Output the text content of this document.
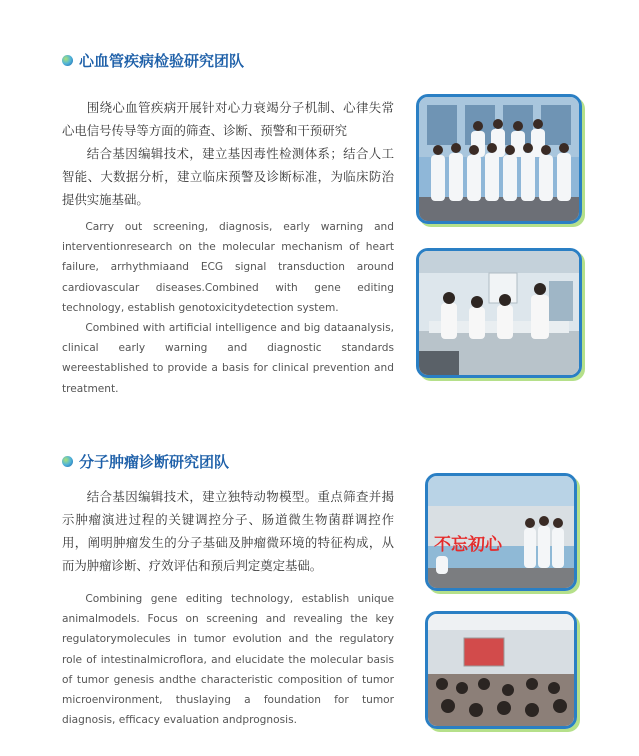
心血管疾病检验研究团队

围绕心血管疾病开展针对心力衰竭分子机制、心律失常心电信号传导等方面的筛查、诊断、预警和干预研究

结合基因编辑技术，建立基因毒性检测体系；结合人工智能、大数据分析，建立临床预警及诊断标准，为临床防治提供实施基础。

Carry out screening, diagnosis, early warning and interventionresearch on the molecular mechanism of heart failure, arrhythmiaand ECG signal transduction around cardiovascular diseases.Combined with gene editing technology, establish genotoxicitydetection system.

Combined with artificial intelligence and big dataanalysis, clinical early warning and diagnostic standards wereestablished to provide a basis for clinical prevention and treatment.

分子肿瘤诊断研究团队

结合基因编辑技术，建立独特动物模型。重点筛查并揭示肿瘤演进过程的关键调控分子、肠道微生物菌群调控作用，阐明肿瘤发生的分子基础及肿瘤微环境的特征构成，从而为肿瘤诊断、疗效评估和预后判定奠定基础。

Combining gene editing technology, establish unique animalmodels. Focus on screening and revealing the key regulatorymolecules in tumor evolution and the regulatory role of intestinalmicroflora, and elucidate the molecular basis of tumor genesis andthe characteristic composition of tumor microenvironment, thuslaying a foundation for tumor diagnosis, efficacy evaluation andprognosis.

不忘初心
